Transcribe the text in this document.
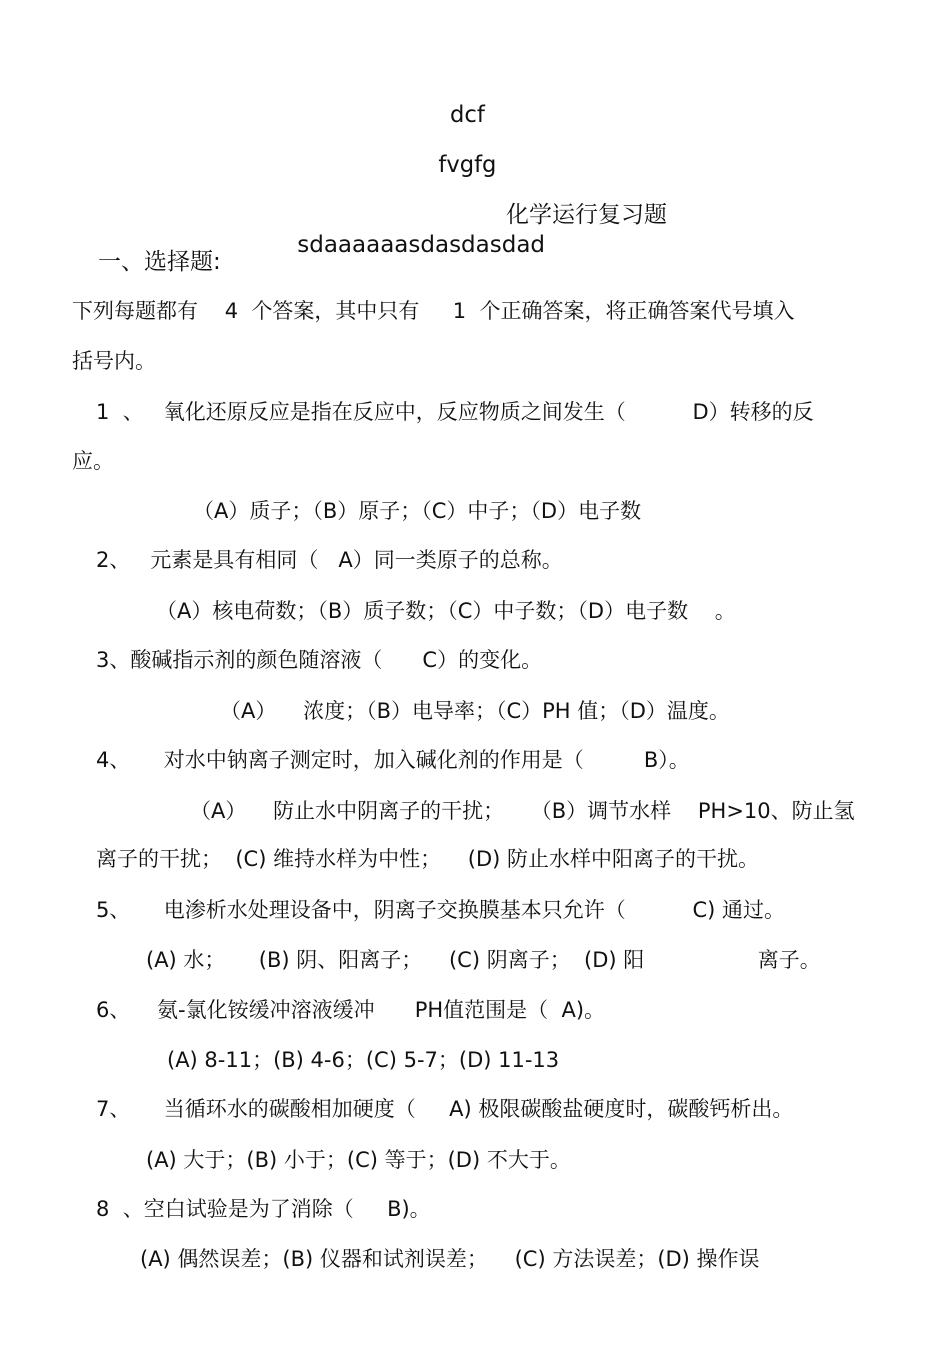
dcf
fvgfg

sdaaaaaasdasdasdad

化学运行复习题

一、选择题:
下列每题都有    4  个答案，其中只有     1  个正确答案，将正确答案代号填入
括号内。
1  、   氧化还原反应是指在反应中，反应物质之间发生（          D）转移的反
应。
（A）质子；（B）原子；（C）中子；（D）电子数
2、   元素是具有相同（   A）同一类原子的总称。
（A）核电荷数；（B）质子数；（C）中子数；（D）电子数    。
3、酸碱指示剂的颜色随溶液（      C）的变化。
（A）    浓度；（B）电导率；（C）PH 值；（D）温度。
4、     对水中钠离子测定时，加入碱化剂的作用是（         B）。
（A）    防止水中阴离子的干扰；    （B）调节水样    PH>10、防止氢
离子的干扰；  (C) 维持水样为中性；    (D) 防止水样中阳离子的干扰。
5、     电渗析水处理设备中，阴离子交换膜基本只允许（          C) 通过。
(A) 水；     (B) 阴、阳离子；    (C) 阴离子；  (D) 阳                 离子。
6、    氨-氯化铵缓冲溶液缓冲      PH值范围是（  A)。
(A) 8-11；(B) 4-6；(C) 5-7；(D) 11-13
7、     当循环水的碳酸相加硬度（     A) 极限碳酸盐硬度时，碳酸钙析出。
(A) 大于；(B) 小于；(C) 等于；(D) 不大于。
8  、空白试验是为了消除（     B)。
(A) 偶然误差；(B) 仪器和试剂误差；    (C) 方法误差；(D) 操作误
